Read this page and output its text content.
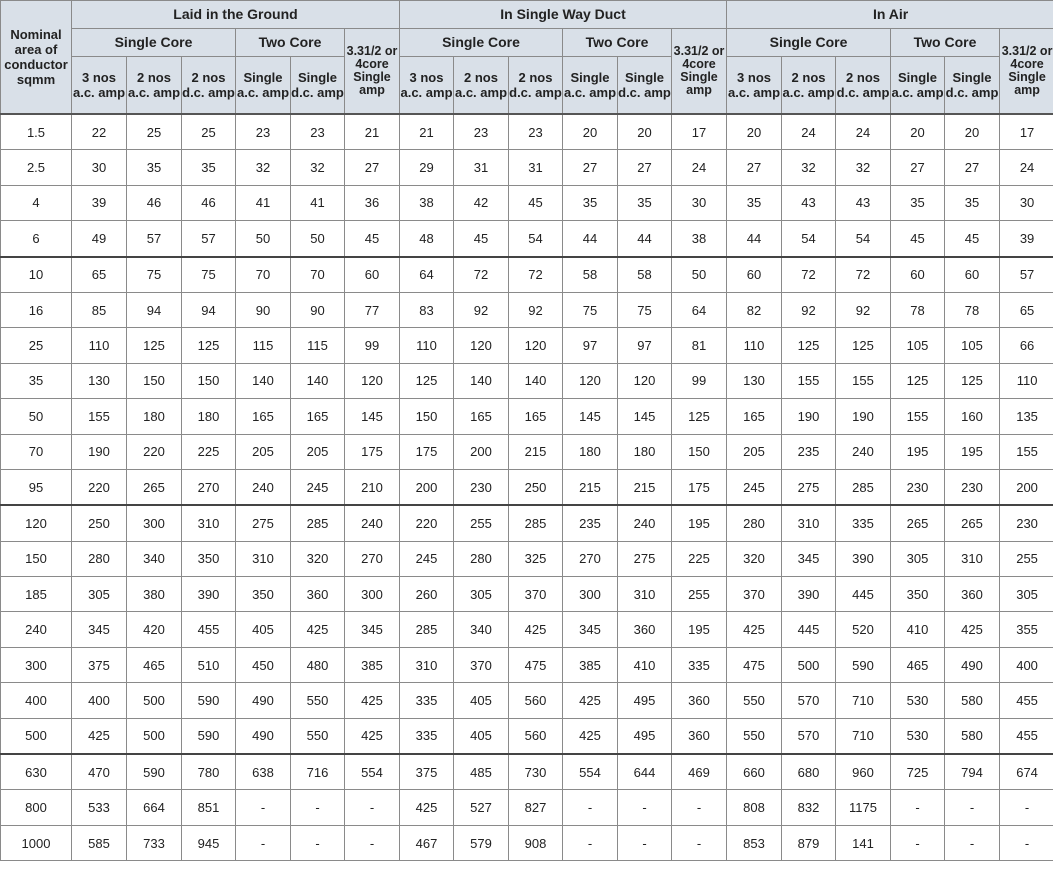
Nominal area of conductor sqmm	Laid in the Ground						In Single Way Duct						In Air					
	Single Core			Two Core		3.31/2 or 4core Single amp	Single Core			Two Core		3.31/2 or 4core Single amp	Single Core			Two Core		3.31/2 or 4core Single amp
	3 nos a.c. amp	2 nos a.c. amp	2 nos d.c. amp	Single a.c. amp	Single d.c. amp		3 nos a.c. amp	2 nos a.c. amp	2 nos d.c. amp	Single a.c. amp	Single d.c. amp		3 nos a.c. amp	2 nos a.c. amp	2 nos d.c. amp	Single a.c. amp	Single d.c. amp	
1.5	22	25	25	23	23	21	21	23	23	20	20	17	20	24	24	20	20	17
2.5	30	35	35	32	32	27	29	31	31	27	27	24	27	32	32	27	27	24
4	39	46	46	41	41	36	38	42	45	35	35	30	35	43	43	35	35	30
6	49	57	57	50	50	45	48	45	54	44	44	38	44	54	54	45	45	39
10	65	75	75	70	70	60	64	72	72	58	58	50	60	72	72	60	60	57
16	85	94	94	90	90	77	83	92	92	75	75	64	82	92	92	78	78	65
25	110	125	125	115	115	99	110	120	120	97	97	81	110	125	125	105	105	66
35	130	150	150	140	140	120	125	140	140	120	120	99	130	155	155	125	125	110
50	155	180	180	165	165	145	150	165	165	145	145	125	165	190	190	155	160	135
70	190	220	225	205	205	175	175	200	215	180	180	150	205	235	240	195	195	155
95	220	265	270	240	245	210	200	230	250	215	215	175	245	275	285	230	230	200
120	250	300	310	275	285	240	220	255	285	235	240	195	280	310	335	265	265	230
150	280	340	350	310	320	270	245	280	325	270	275	225	320	345	390	305	310	255
185	305	380	390	350	360	300	260	305	370	300	310	255	370	390	445	350	360	305
240	345	420	455	405	425	345	285	340	425	345	360	195	425	445	520	410	425	355
300	375	465	510	450	480	385	310	370	475	385	410	335	475	500	590	465	490	400
400	400	500	590	490	550	425	335	405	560	425	495	360	550	570	710	530	580	455
500	425	500	590	490	550	425	335	405	560	425	495	360	550	570	710	530	580	455
630	470	590	780	638	716	554	375	485	730	554	644	469	660	680	960	725	794	674
800	533	664	851	-	-	-	425	527	827	-	-	-	808	832	1175	-	-	-
1000	585	733	945	-	-	-	467	579	908	-	-	-	853	879	141	-	-	-
